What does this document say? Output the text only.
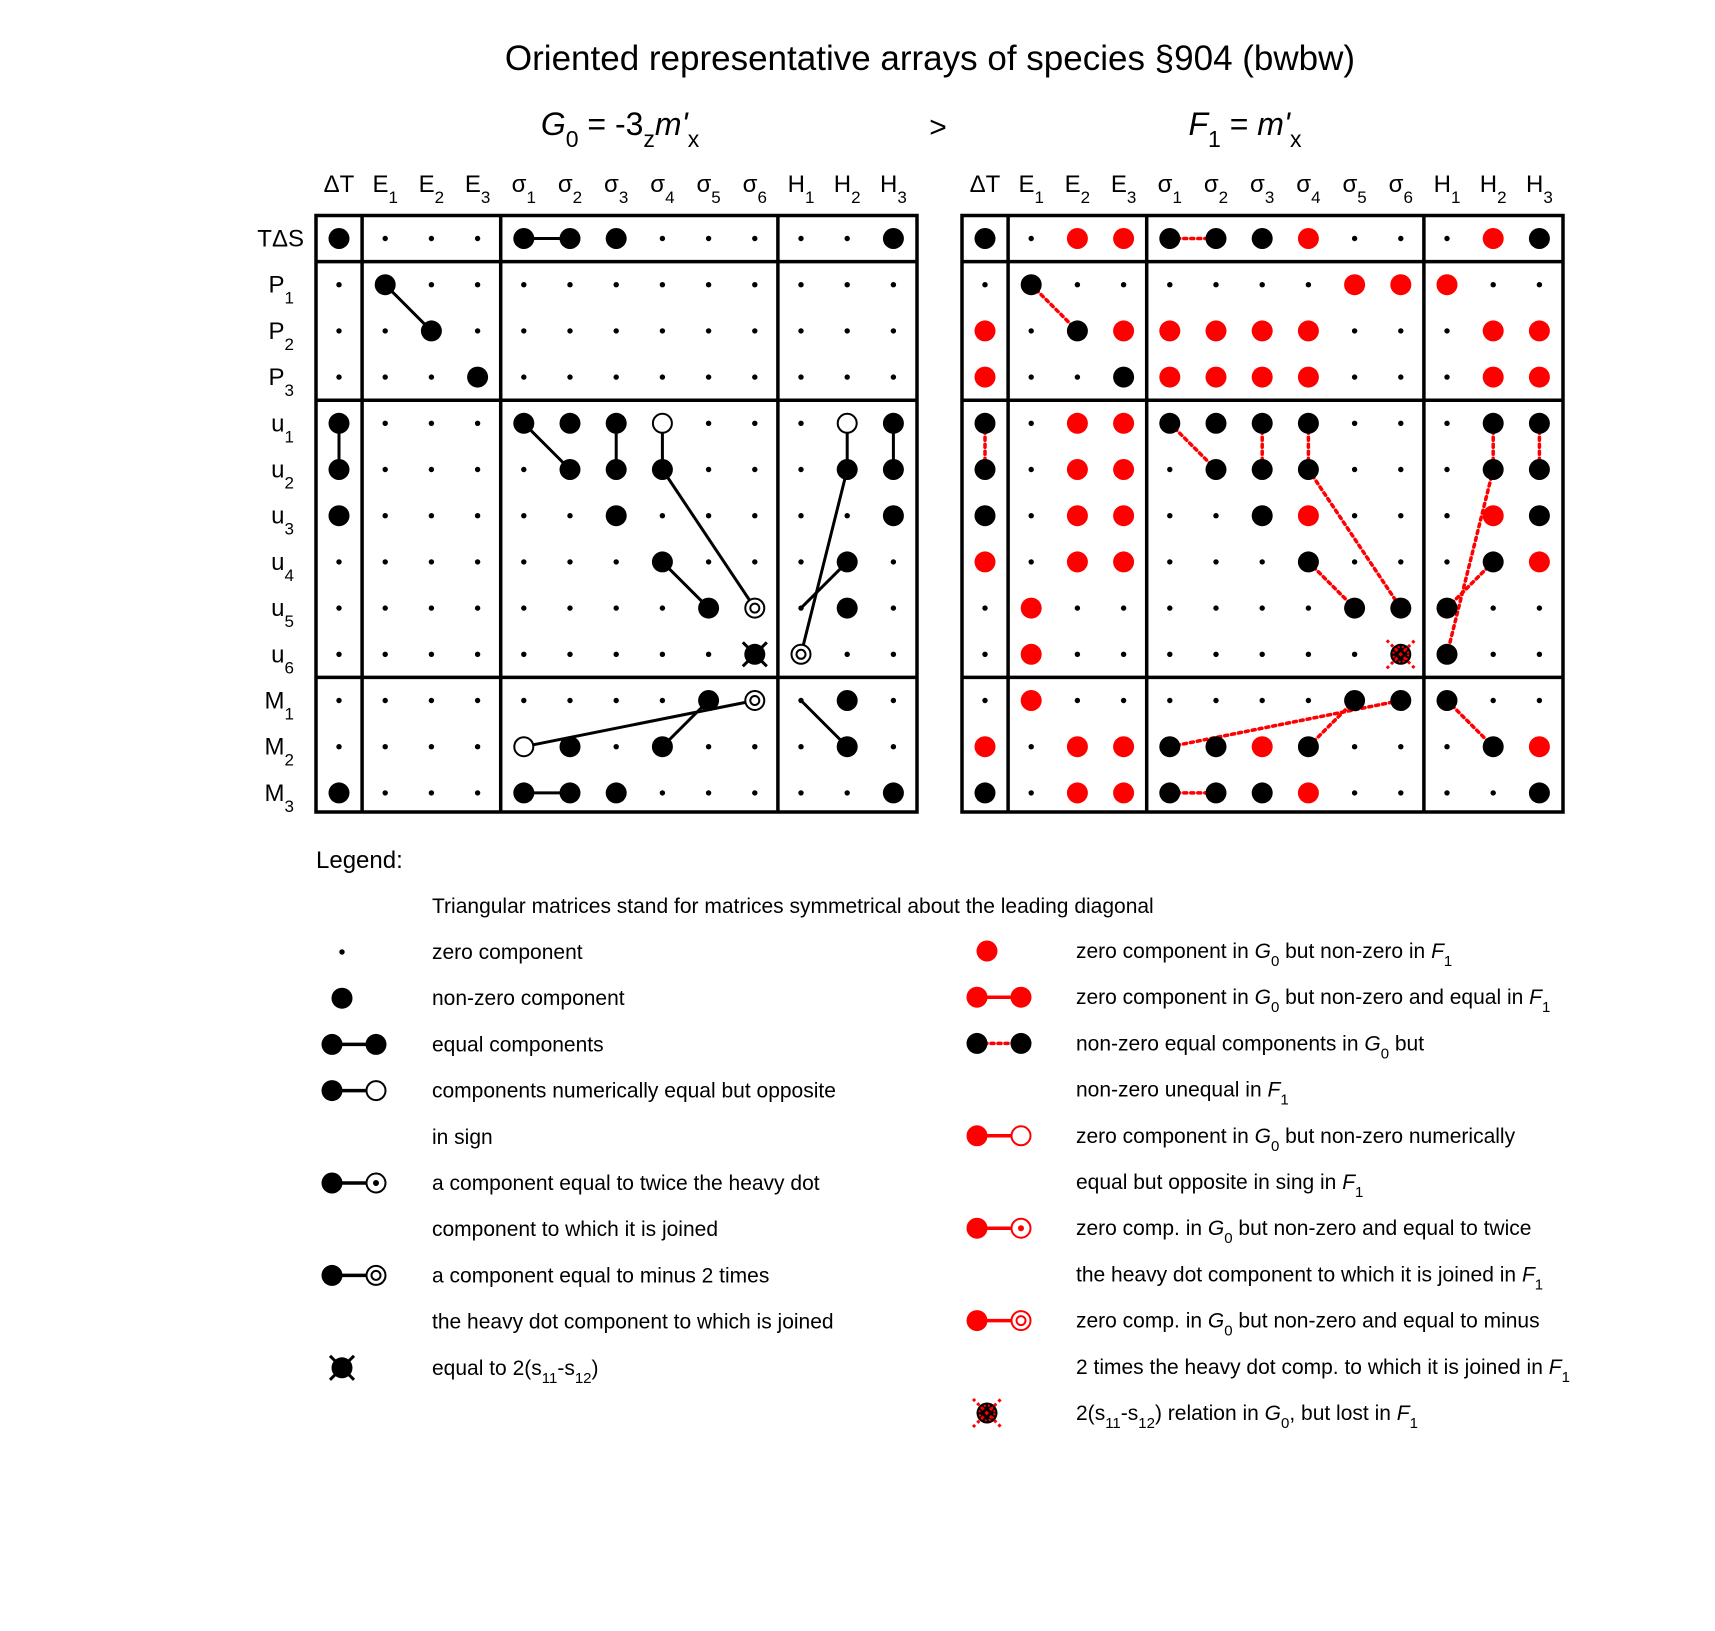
Oriented representative arrays of species §904 (bwbw)
>
$G_0 = -3_zm'_x$
ΔT $E_1$ $E_2$ $E_3$ $\sigma_1$ $\sigma_2$ $\sigma_3$ $\sigma_4$ $\sigma_5$ $\sigma_6$ $H_1$ $H_2$ $H_3$
TΔS
$P_1$
$P_2$
$P_3$
$u_1$
$u_2$
$u_3$
$u_4$
$u_5$
$u_6$
$M_1$
$M_2$
$M_3$
$F_1 = m'_x$
ΔT $E_1$ $E_2$ $E_3$ $\sigma_1$ $\sigma_2$ $\sigma_3$ $\sigma_4$ $\sigma_5$ $\sigma_6$ $H_1$ $H_2$ $H_3$
Legend:
Triangular matrices stand for matrices symmetrical about the leading diagonal
zero component
non-zero component
equal components
components numerically equal but opposite
in sign
a component equal to twice the heavy dot
component to which it is joined
a component equal to minus 2 times
the heavy dot component to which is joined
equal to $2(s_{11}-s_{12})$
zero component in $G_0$ but non-zero in $F_1$
zero component in $G_0$ but non-zero and equal in $F_1$
non-zero equal components in $G_0$ but
non-zero unequal in $F_1$
zero component in $G_0$ but non-zero numerically
equal but opposite in sing in $F_1$
zero comp. in $G_0$ but non-zero and equal to twice
the heavy dot component to which it is joined in $F_1$
zero comp. in $G_0$ but non-zero and equal to minus
2 times the heavy dot comp. to which it is joined in $F_1$
$2(s_{11}-s_{12})$ relation in $G_0$, but lost in $F_1$
